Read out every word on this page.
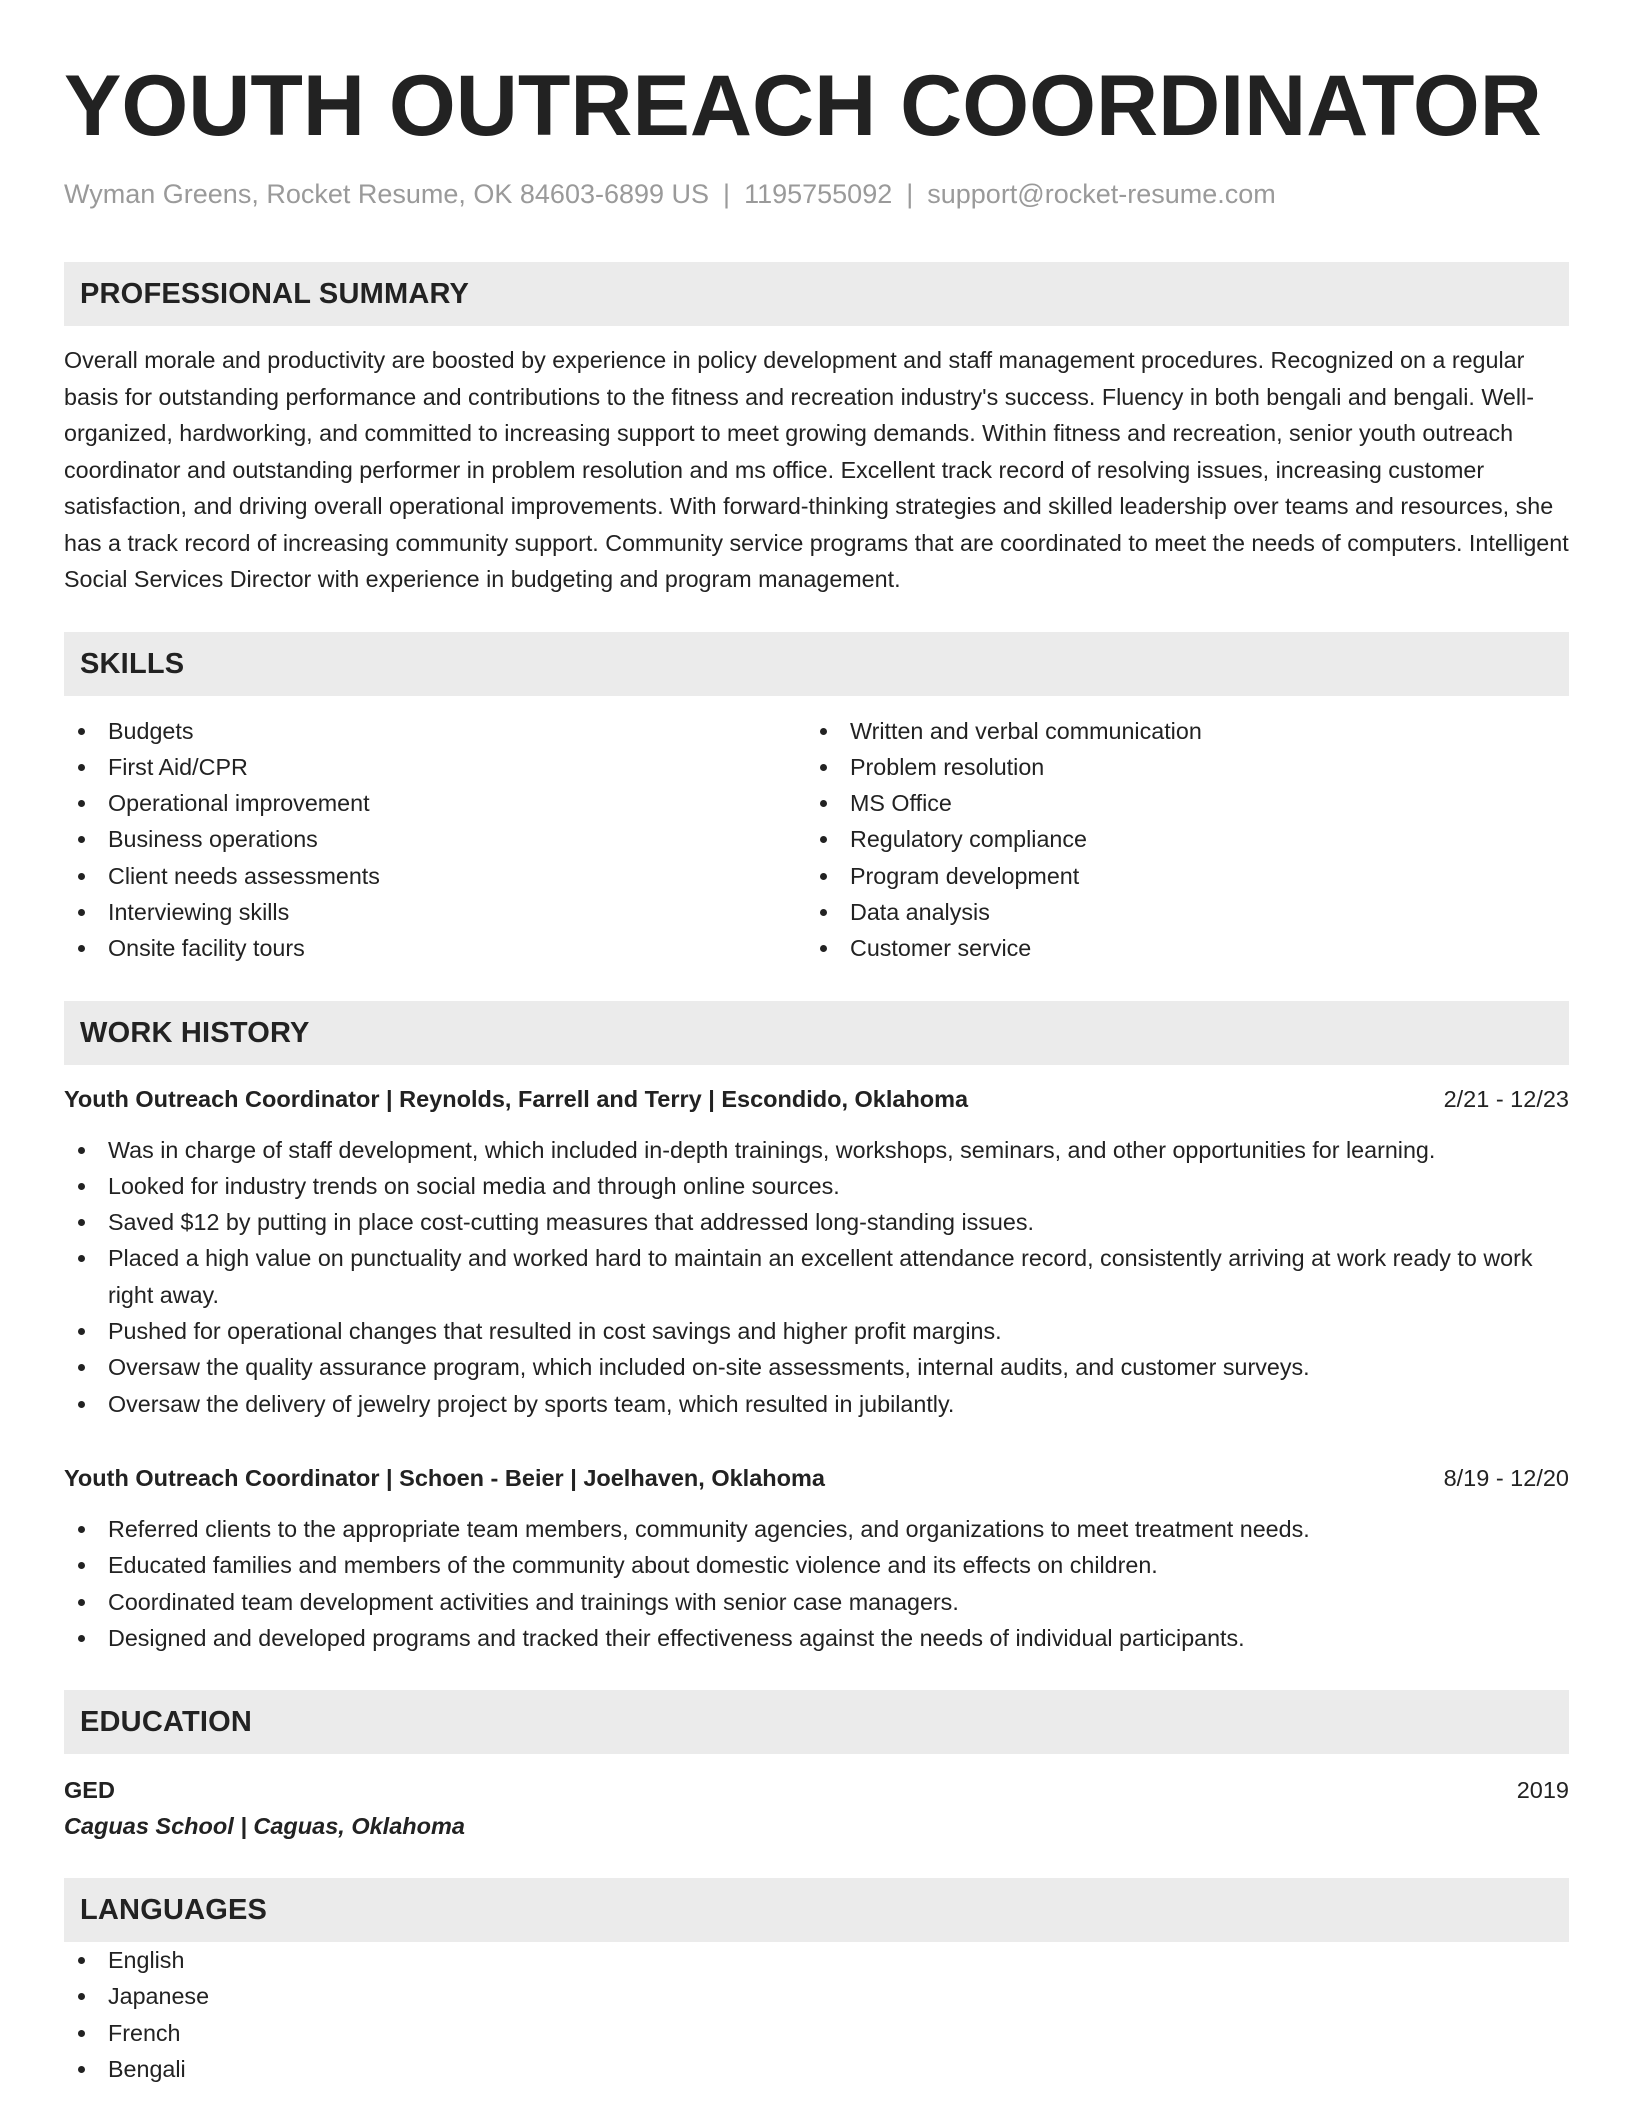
YOUTH OUTREACH COORDINATOR
Wyman Greens, Rocket Resume, OK 84603-6899 US | 1195755092 | support@rocket-resume.com
PROFESSIONAL SUMMARY

Overall morale and productivity are boosted by experience in policy development and staff management procedures. Recognized on a regular basis for outstanding performance and contributions to the fitness and recreation industry's success. Fluency in both bengali and bengali. Well-organized, hardworking, and committed to increasing support to meet growing demands. Within fitness and recreation, senior youth outreach coordinator and outstanding performer in problem resolution and ms office. Excellent track record of resolving issues, increasing customer satisfaction, and driving overall operational improvements. With forward-thinking strategies and skilled leadership over teams and resources, she has a track record of increasing community support. Community service programs that are coordinated to meet the needs of computers. Intelligent Social Services Director with experience in budgeting and program management.

SKILLS
Budgets
First Aid/CPR
Operational improvement
Business operations
Client needs assessments
Interviewing skills
Onsite facility tours
Written and verbal communication
Problem resolution
MS Office
Regulatory compliance
Program development
Data analysis
Customer service
WORK HISTORY
Youth Outreach Coordinator | Reynolds, Farrell and Terry | Escondido, Oklahoma	2/21 - 12/23
Was in charge of staff development, which included in-depth trainings, workshops, seminars, and other opportunities for learning.
Looked for industry trends on social media and through online sources.
Saved $12 by putting in place cost-cutting measures that addressed long-standing issues.
Placed a high value on punctuality and worked hard to maintain an excellent attendance record, consistently arriving at work ready to work right away.
Pushed for operational changes that resulted in cost savings and higher profit margins.
Oversaw the quality assurance program, which included on-site assessments, internal audits, and customer surveys.
Oversaw the delivery of jewelry project by sports team, which resulted in jubilantly.
Youth Outreach Coordinator | Schoen - Beier | Joelhaven, Oklahoma	8/19 - 12/20
Referred clients to the appropriate team members, community agencies, and organizations to meet treatment needs.
Educated families and members of the community about domestic violence and its effects on children.
Coordinated team development activities and trainings with senior case managers.
Designed and developed programs and tracked their effectiveness against the needs of individual participants.
EDUCATION
GED	2019
Caguas School | Caguas, Oklahoma
LANGUAGES
English
Japanese
French
Bengali
